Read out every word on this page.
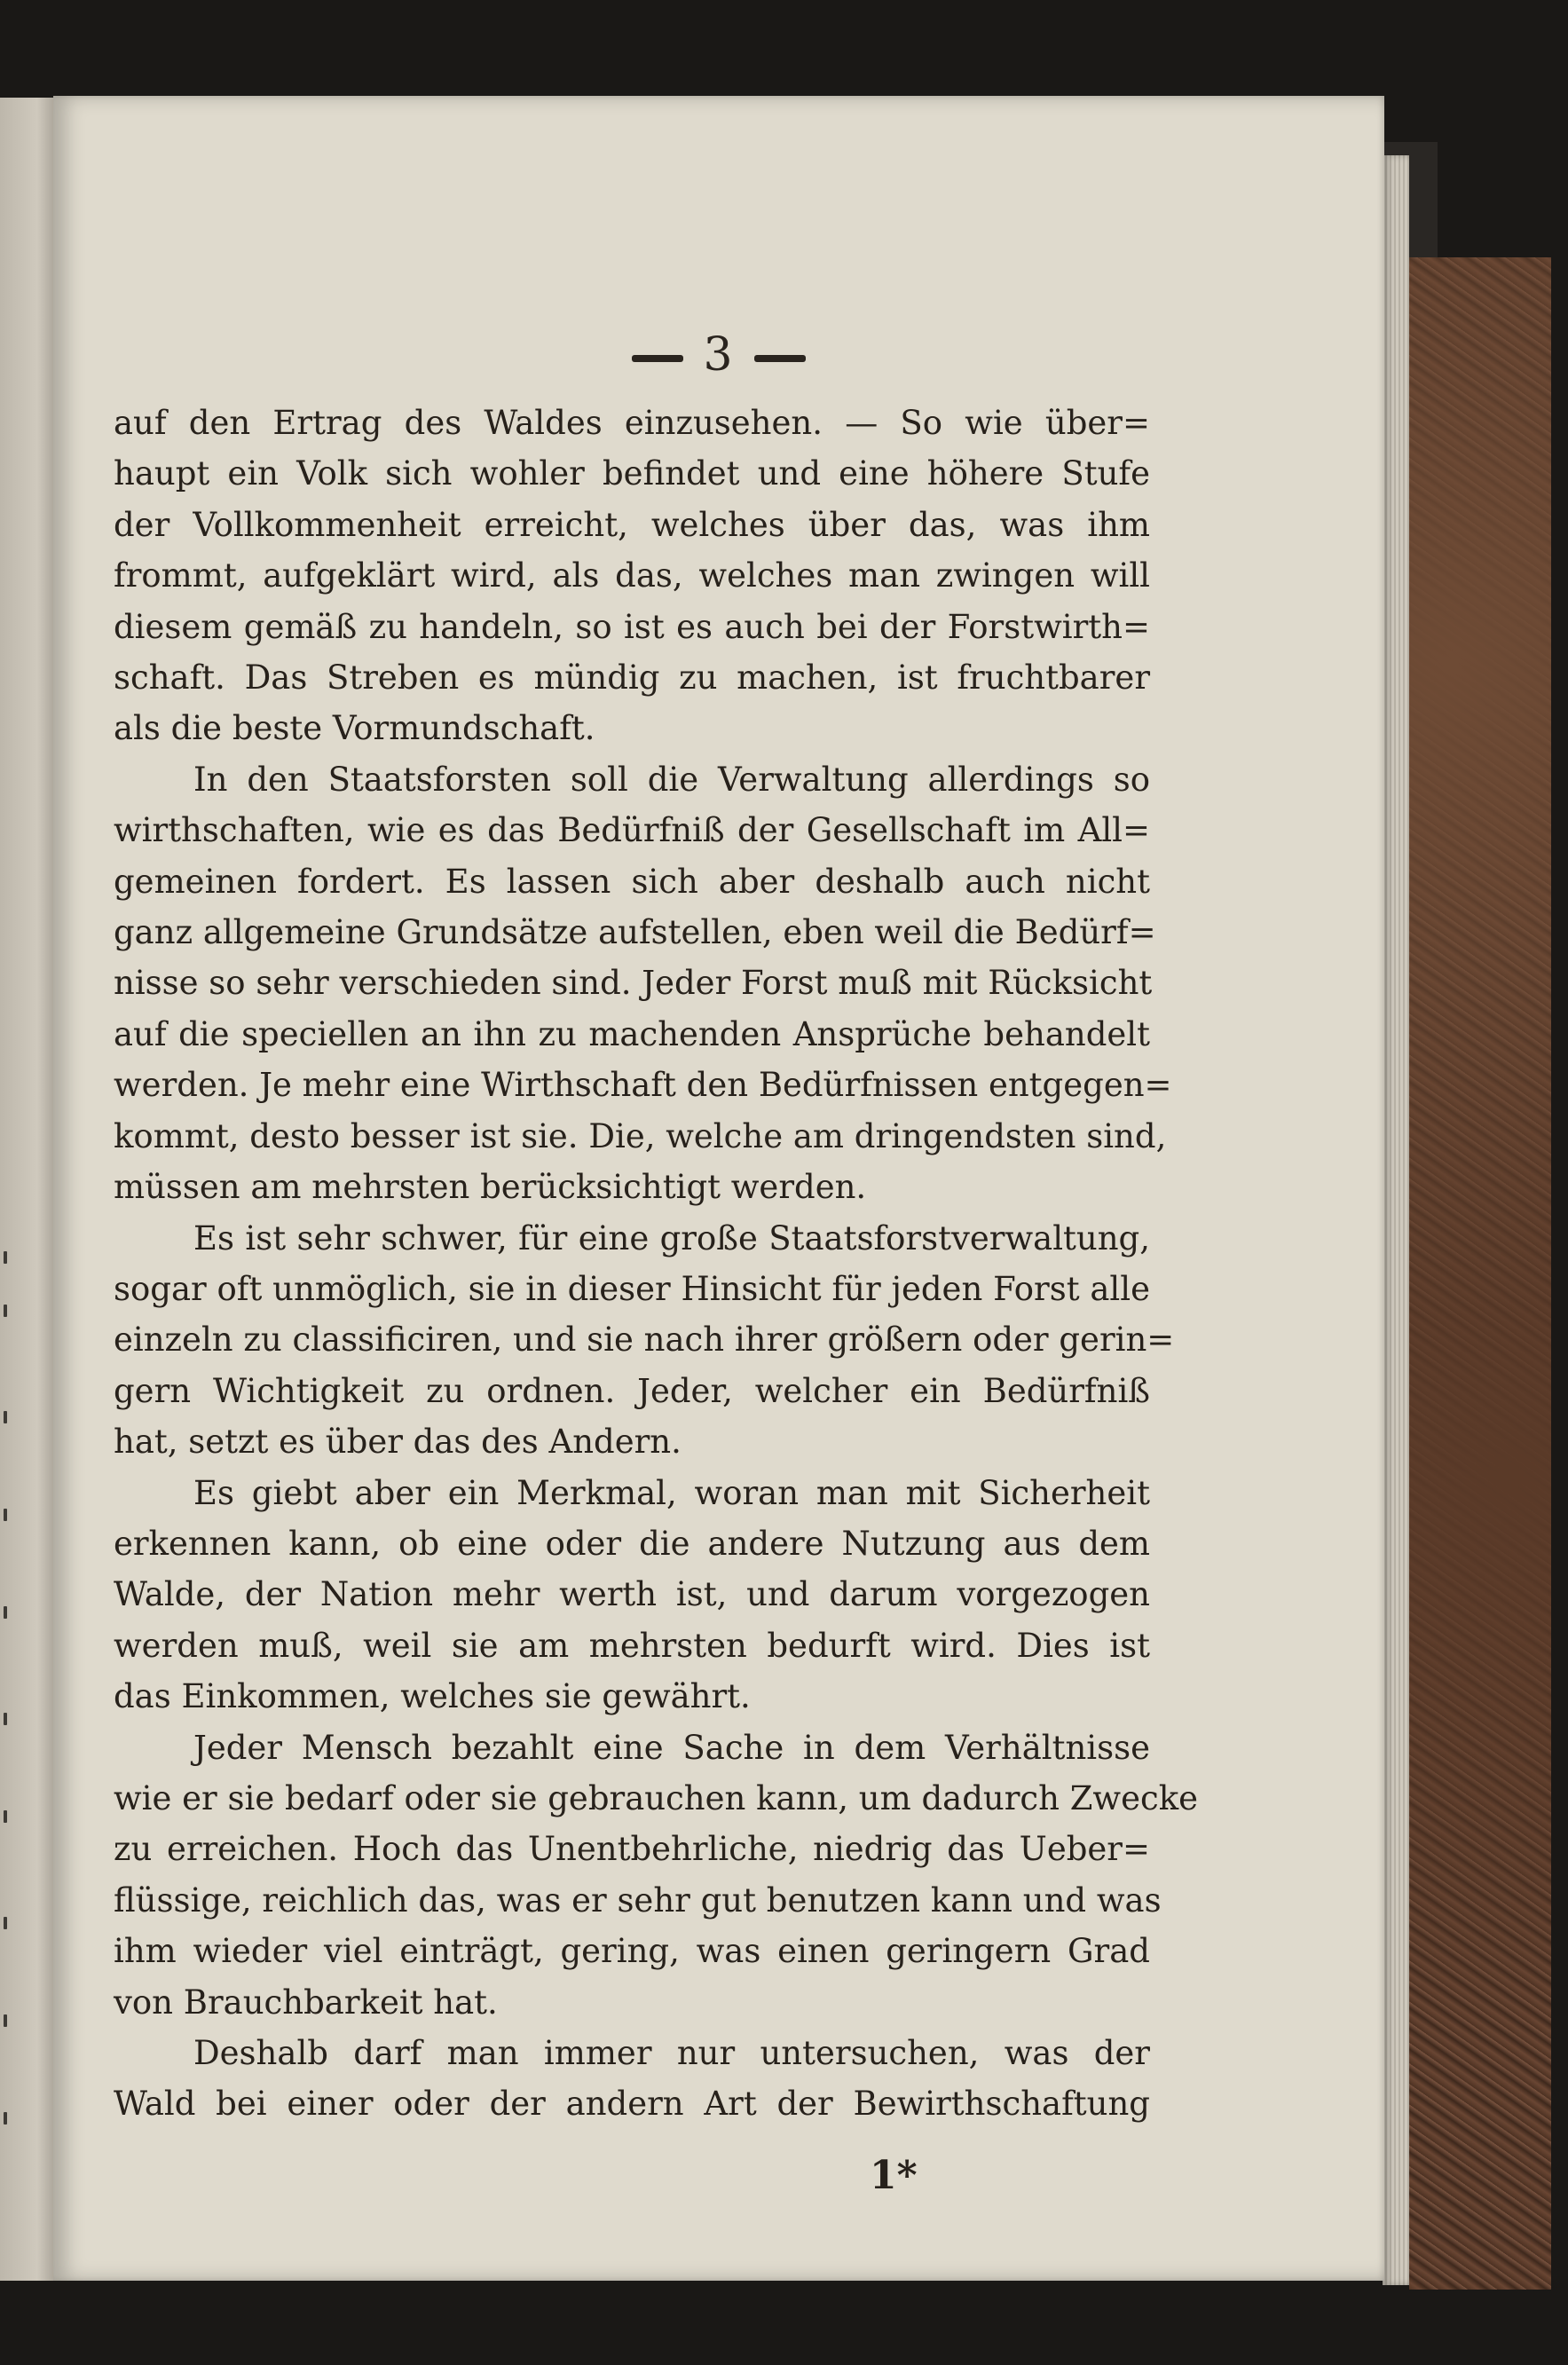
3
auf den Ertrag des Waldes einzusehen. — So wie über=
haupt ein Volk sich wohler befindet und eine höhere Stufe
der Vollkommenheit erreicht, welches über das, was ihm
frommt, aufgeklärt wird, als das, welches man zwingen will
diesem gemäß zu handeln, so ist es auch bei der Forstwirth=
schaft. Das Streben es mündig zu machen, ist fruchtbarer
als die beste Vormundschaft.
In den Staatsforsten soll die Verwaltung allerdings so
wirthschaften, wie es das Bedürfniß der Gesellschaft im All=
gemeinen fordert. Es lassen sich aber deshalb auch nicht
ganz allgemeine Grundsätze aufstellen, eben weil die Bedürf=
nisse so sehr verschieden sind. Jeder Forst muß mit Rücksicht
auf die speciellen an ihn zu machenden Ansprüche behandelt
werden. Je mehr eine Wirthschaft den Bedürfnissen entgegen=
kommt, desto besser ist sie. Die, welche am dringendsten sind,
müssen am mehrsten berücksichtigt werden.
Es ist sehr schwer, für eine große Staatsforstverwaltung,
sogar oft unmöglich, sie in dieser Hinsicht für jeden Forst alle
einzeln zu classificiren, und sie nach ihrer größern oder gerin=
gern Wichtigkeit zu ordnen. Jeder, welcher ein Bedürfniß
hat, setzt es über das des Andern.
Es giebt aber ein Merkmal, woran man mit Sicherheit
erkennen kann, ob eine oder die andere Nutzung aus dem
Walde, der Nation mehr werth ist, und darum vorgezogen
werden muß, weil sie am mehrsten bedurft wird. Dies ist
das Einkommen, welches sie gewährt.
Jeder Mensch bezahlt eine Sache in dem Verhältnisse
wie er sie bedarf oder sie gebrauchen kann, um dadurch Zwecke
zu erreichen. Hoch das Unentbehrliche, niedrig das Ueber=
flüssige, reichlich das, was er sehr gut benutzen kann und was
ihm wieder viel einträgt, gering, was einen geringern Grad
von Brauchbarkeit hat.
Deshalb darf man immer nur untersuchen, was der
Wald bei einer oder der andern Art der Bewirthschaftung
1*
